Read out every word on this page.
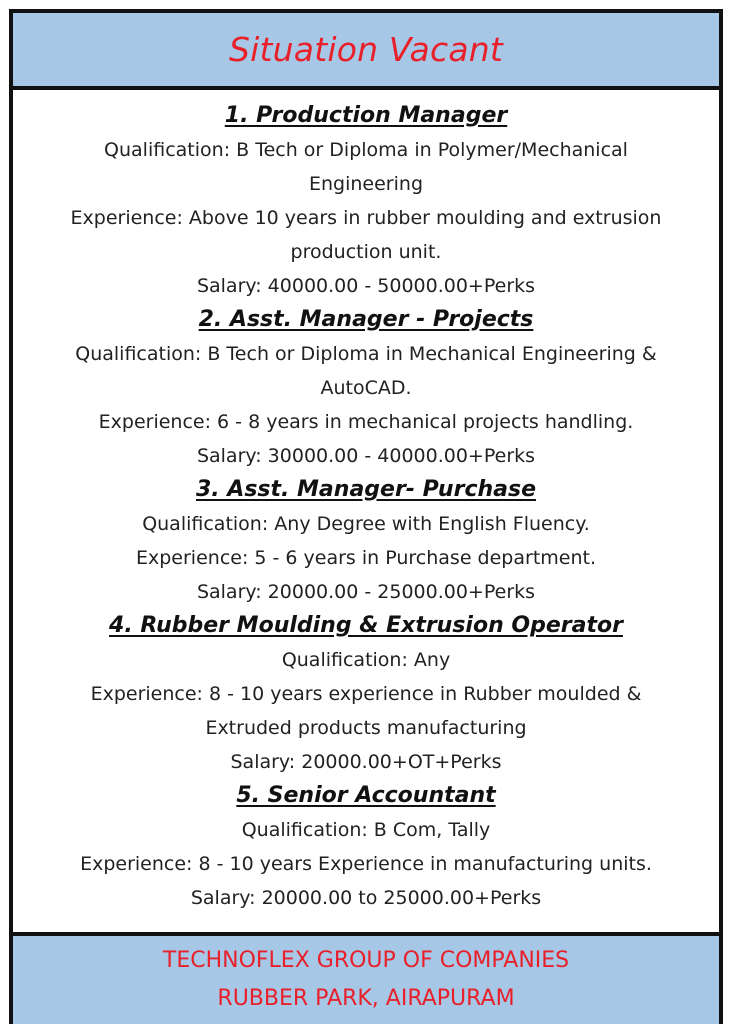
Situation Vacant
1. Production Manager
Qualification: B Tech or Diploma in Polymer/Mechanical
Engineering
Experience: Above 10 years in rubber moulding and extrusion
production unit.
Salary: 40000.00 - 50000.00+Perks
2. Asst. Manager - Projects
Qualification: B Tech or Diploma in Mechanical Engineering &
AutoCAD.
Experience: 6 - 8 years in mechanical projects handling.
Salary: 30000.00 - 40000.00+Perks
3. Asst. Manager- Purchase
Qualification: Any Degree with English Fluency.
Experience: 5 - 6 years in Purchase department.
Salary: 20000.00 - 25000.00+Perks
4. Rubber Moulding & Extrusion Operator
Qualification: Any
Experience: 8 - 10 years experience in Rubber moulded &
Extruded products manufacturing
Salary: 20000.00+OT+Perks
5. Senior Accountant
Qualification: B Com, Tally
Experience: 8 - 10 years Experience in manufacturing units.
Salary: 20000.00 to 25000.00+Perks
TECHNOFLEX GROUP OF COMPANIES
RUBBER PARK, AIRAPURAM
